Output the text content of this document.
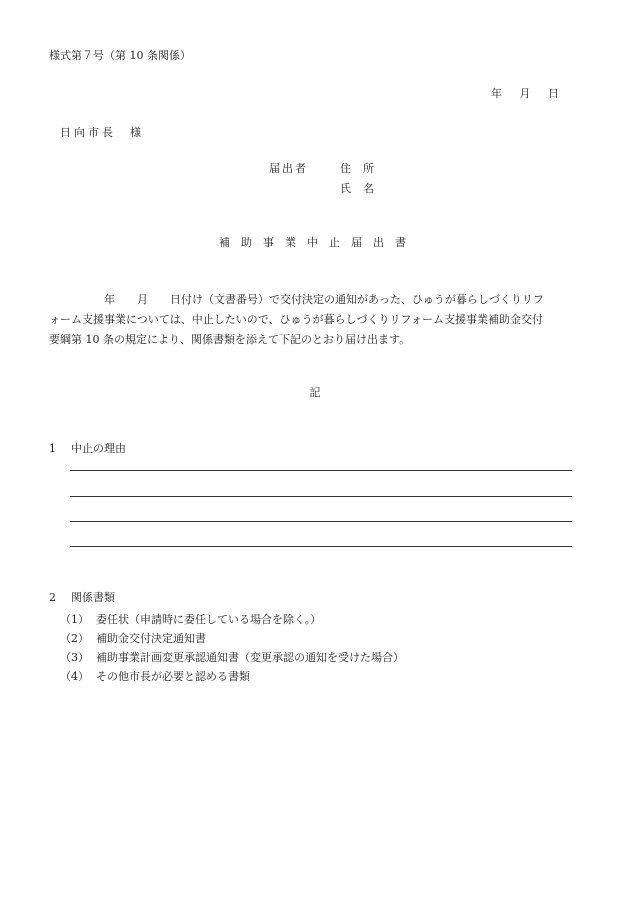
様式第７号（第 10 条関係）
年 月 日
日向市長 様
届出者	住所
氏名
補助事業中止届出書

年　　月　　日付け（文書番号）で交付決定の通知があった、ひゅうが暮らしづくりリフ

ォーム支援事業については、中止したいので、ひゅうが暮らしづくりリフォーム支援事業補助金交付

要綱第 10 条の規定により、関係書類を添えて下記のとおり届け出ます。

記
1 中止の理由
2 関係書類
（1） 委任状（申請時に委任している場合を除く。）
（2） 補助金交付決定通知書
（3） 補助事業計画変更承認通知書（変更承認の通知を受けた場合）
（4） その他市長が必要と認める書類
